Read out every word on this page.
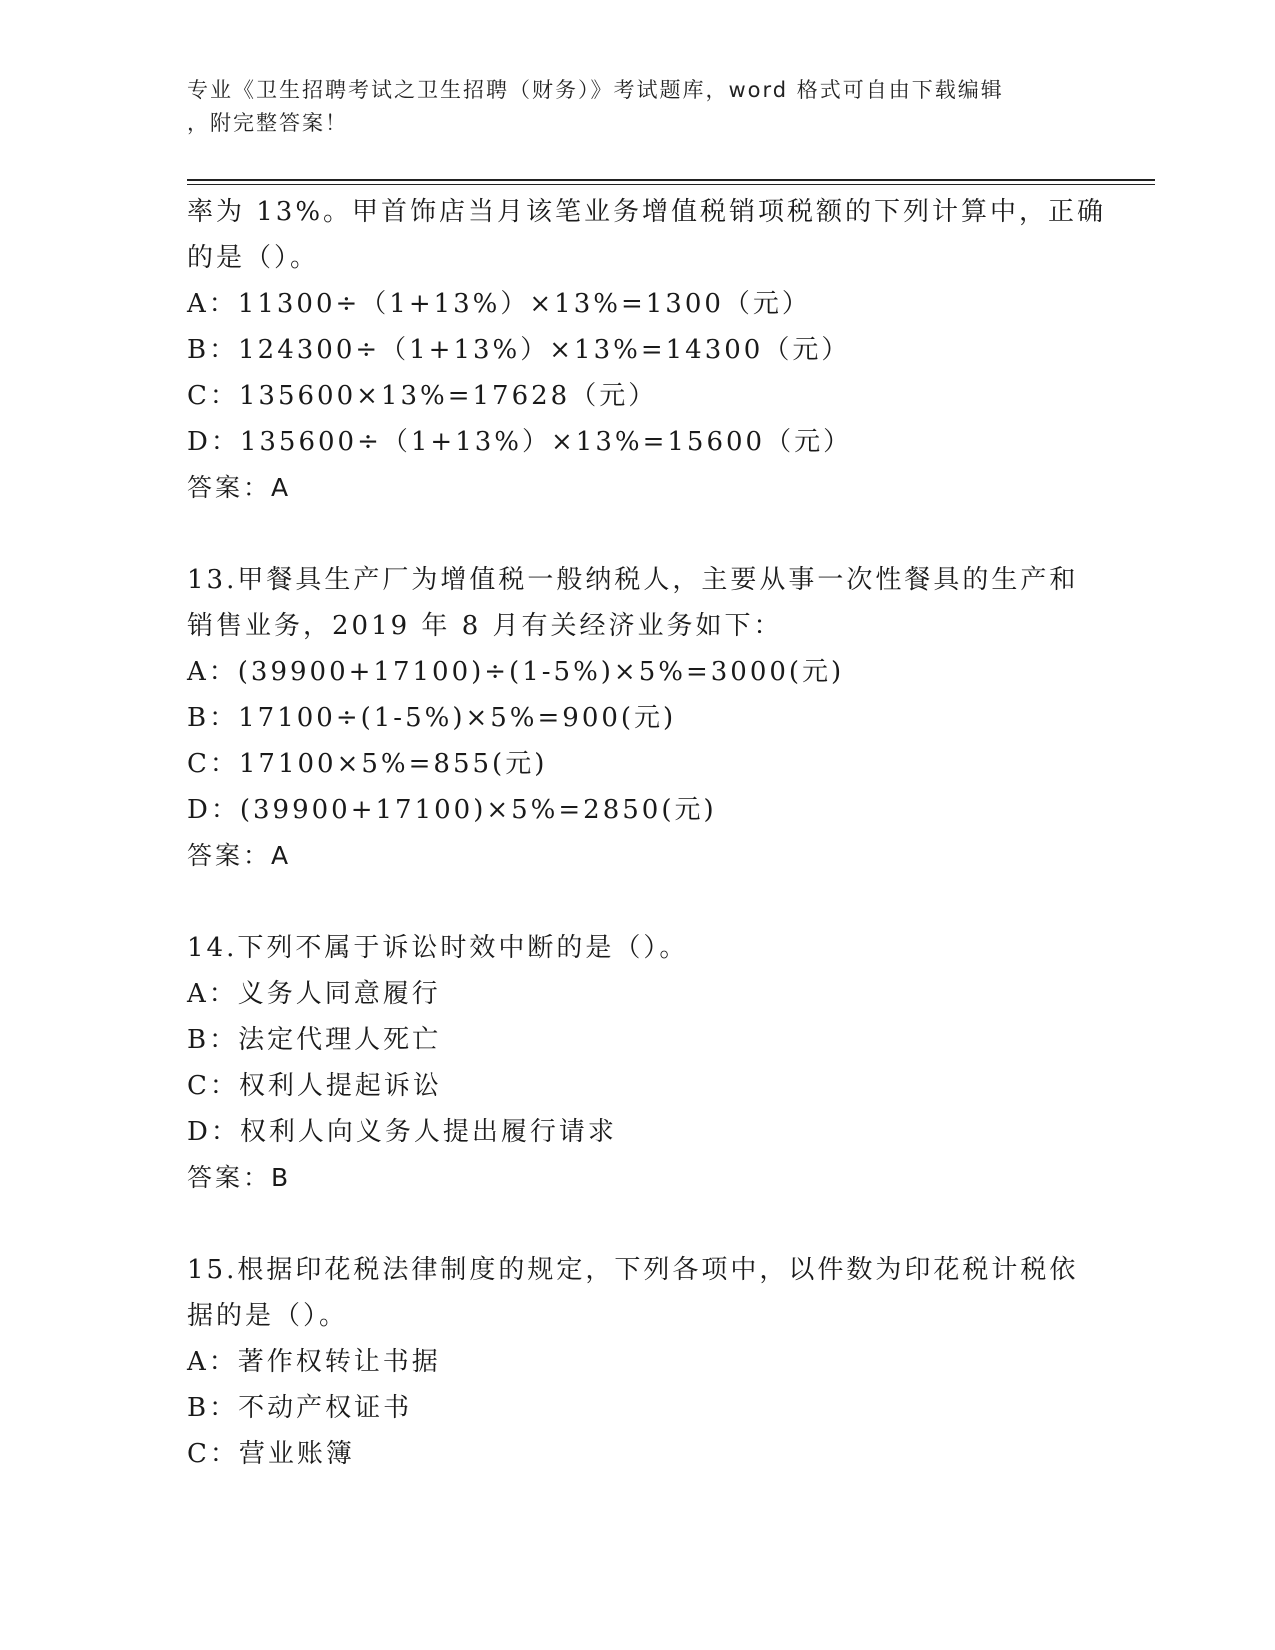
专业《卫生招聘考试之卫生招聘（财务）》考试题库，word 格式可自由下载编辑
，附完整答案！
率为 13%。甲首饰店当月该笔业务增值税销项税额的下列计算中，正确
的是（）。
A：11300÷（1+13%）×13%=1300（元）
B：124300÷（1+13%）×13%=14300（元）
C：135600×13%=17628（元）
D：135600÷（1+13%）×13%=15600（元）
答案：A
13.甲餐具生产厂为增值税一般纳税人，主要从事一次性餐具的生产和
销售业务，2019 年 8 月有关经济业务如下：
A：(39900+17100)÷(1-5%)×5%=3000(元)
B：17100÷(1-5%)×5%=900(元)
C：17100×5%=855(元)
D：(39900+17100)×5%=2850(元)
答案：A
14.下列不属于诉讼时效中断的是（）。
A：义务人同意履行
B：法定代理人死亡
C：权利人提起诉讼
D：权利人向义务人提出履行请求
答案：B
15.根据印花税法律制度的规定，下列各项中，以件数为印花税计税依
据的是（）。
A：著作权转让书据
B：不动产权证书
C：营业账簿
